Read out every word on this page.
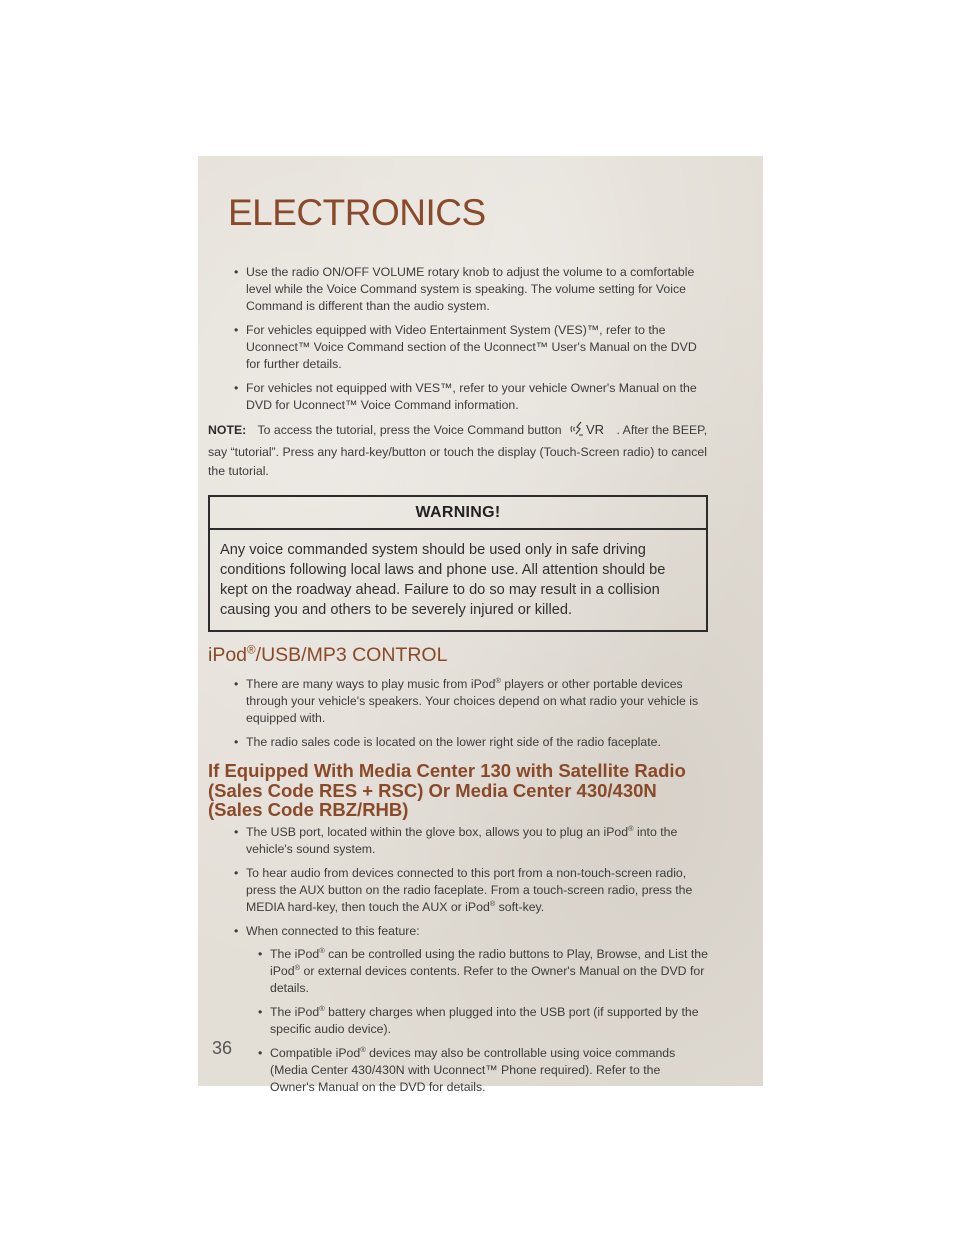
ELECTRONICS
• Use the radio ON/OFF VOLUME rotary knob to adjust the volume to a comfortable level while the Voice Command system is speaking. The volume setting for Voice Command is different than the audio system.
• For vehicles equipped with Video Entertainment System (VES)™, refer to the Uconnect™ Voice Command section of the Uconnect™ User's Manual on the DVD for further details.
• For vehicles not equipped with VES™, refer to your vehicle Owner's Manual on the DVD for Uconnect™ Voice Command information.

NOTE: To access the tutorial, press the Voice Command button VR . After the BEEP, say “tutorial”. Press any hard-key/button or touch the display (Touch-Screen radio) to cancel the tutorial.

WARNING!
Any voice commanded system should be used only in safe driving conditions following local laws and phone use. All attention should be kept on the roadway ahead. Failure to do so may result in a collision causing you and others to be severely injured or killed.
iPod®/USB/MP3 CONTROL
• There are many ways to play music from iPod® players or other portable devices through your vehicle's speakers. Your choices depend on what radio your vehicle is equipped with.
• The radio sales code is located on the lower right side of the radio faceplate.
If Equipped With Media Center 130 with Satellite Radio (Sales Code RES + RSC) Or Media Center 430/430N (Sales Code RBZ/RHB)
• The USB port, located within the glove box, allows you to plug an iPod® into the vehicle's sound system.
• To hear audio from devices connected to this port from a non-touch-screen radio, press the AUX button on the radio faceplate. From a touch-screen radio, press the MEDIA hard-key, then touch the AUX or iPod® soft-key.
• When connected to this feature:
• The iPod® can be controlled using the radio buttons to Play, Browse, and List the iPod® or external devices contents. Refer to the Owner's Manual on the DVD for details.
• The iPod® battery charges when plugged into the USB port (if supported by the specific audio device).
• Compatible iPod® devices may also be controllable using voice commands (Media Center 430/430N with Uconnect™ Phone required). Refer to the Owner's Manual on the DVD for details.

36
